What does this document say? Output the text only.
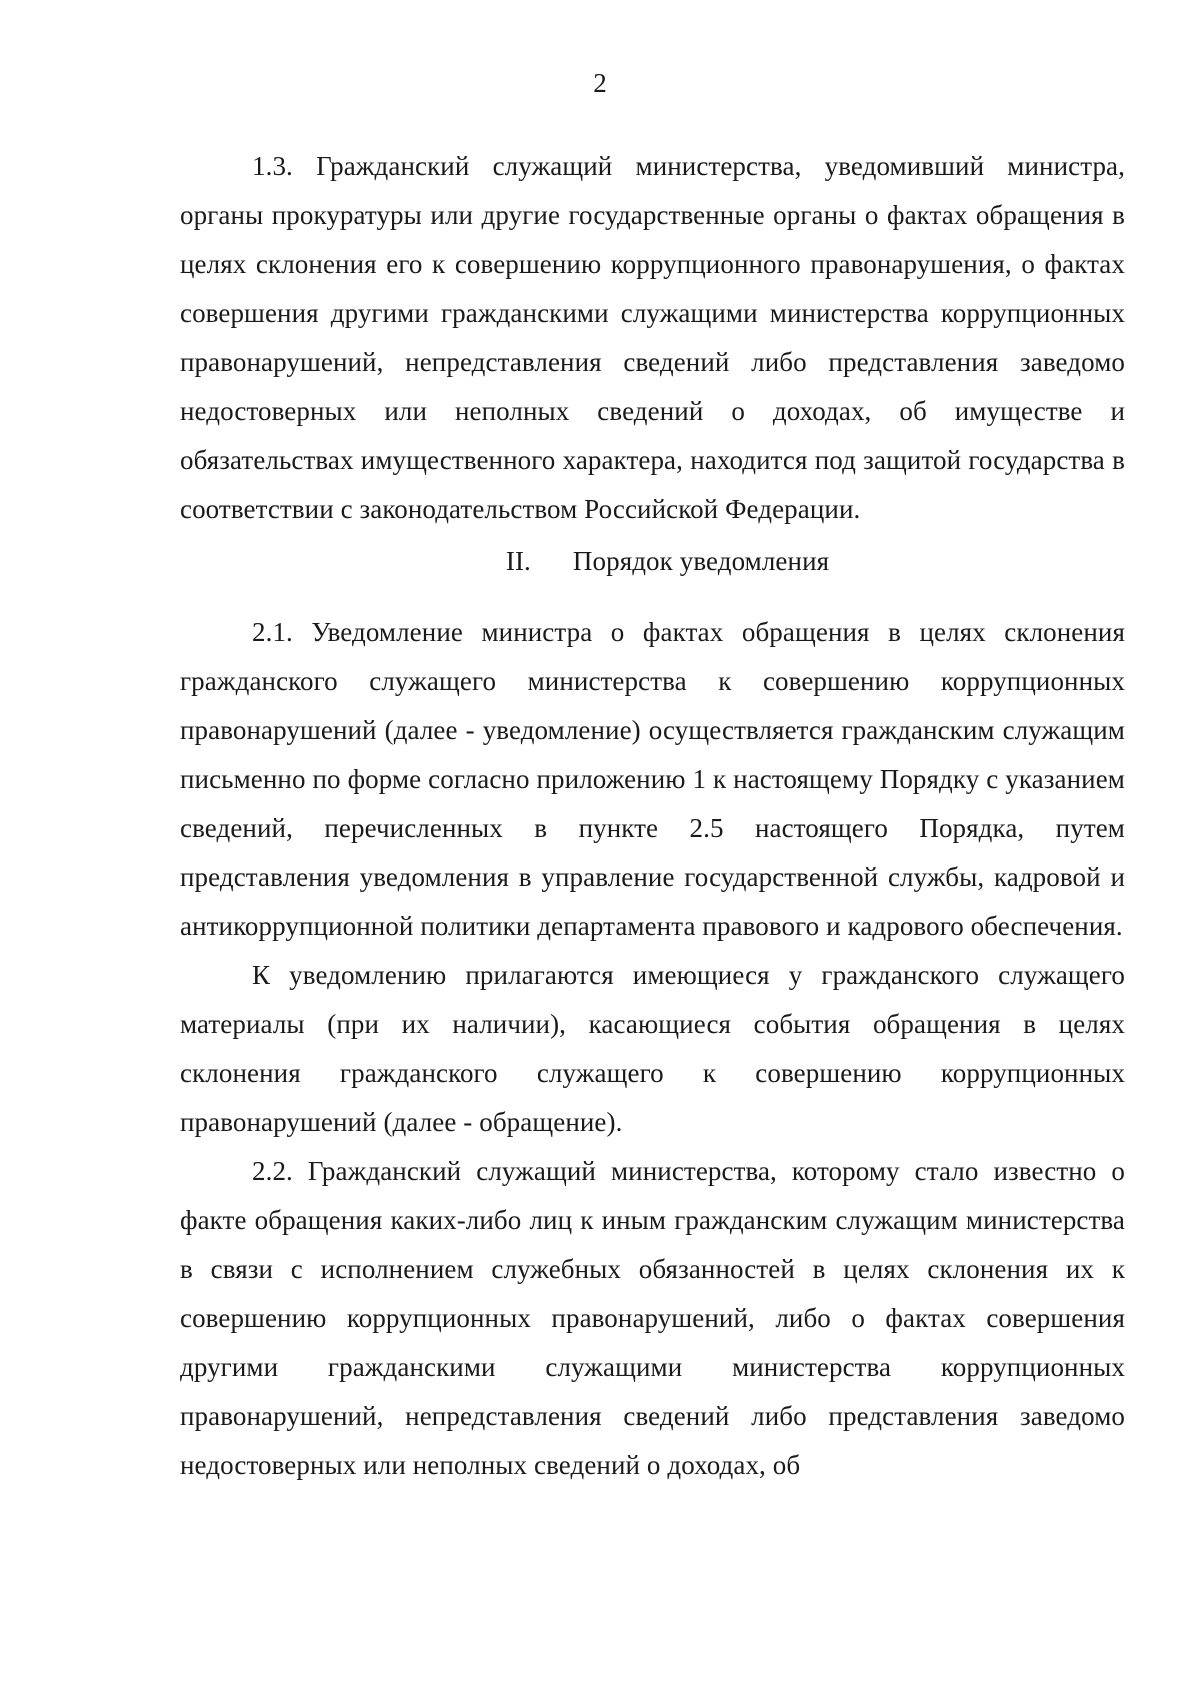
2

1.3. Гражданский служащий министерства, уведомивший министра, органы прокуратуры или другие государственные органы о фактах обращения в целях склонения его к совершению коррупционного правонарушения, о фактах совершения другими гражданскими служащими министерства коррупционных правонарушений, непредставления сведений либо представления заведомо недостоверных или неполных сведений о доходах, об имуществе и обязательствах имущественного характера, находится под защитой государства в соответствии с законодательством Российской Федерации.

II. Порядок уведомления

2.1. Уведомление министра о фактах обращения в целях склонения гражданского служащего министерства к совершению коррупционных правонарушений (далее - уведомление) осуществляется гражданским служащим письменно по форме согласно приложению 1 к настоящему Порядку с указанием сведений, перечисленных в пункте 2.5 настоящего Порядка, путем представления уведомления в управление государственной службы, кадровой и антикоррупционной политики департамента правового и кадрового обеспечения.

К уведомлению прилагаются имеющиеся у гражданского служащего материалы (при их наличии), касающиеся события обращения в целях склонения гражданского служащего к совершению коррупционных правонарушений (далее - обращение).

2.2. Гражданский служащий министерства, которому стало известно о факте обращения каких-либо лиц к иным гражданским служащим министерства в связи с исполнением служебных обязанностей в целях склонения их к совершению коррупционных правонарушений, либо о фактах совершения другими гражданскими служащими министерства коррупционных правонарушений, непредставления сведений либо представления заведомо недостоверных или неполных сведений о доходах, об
